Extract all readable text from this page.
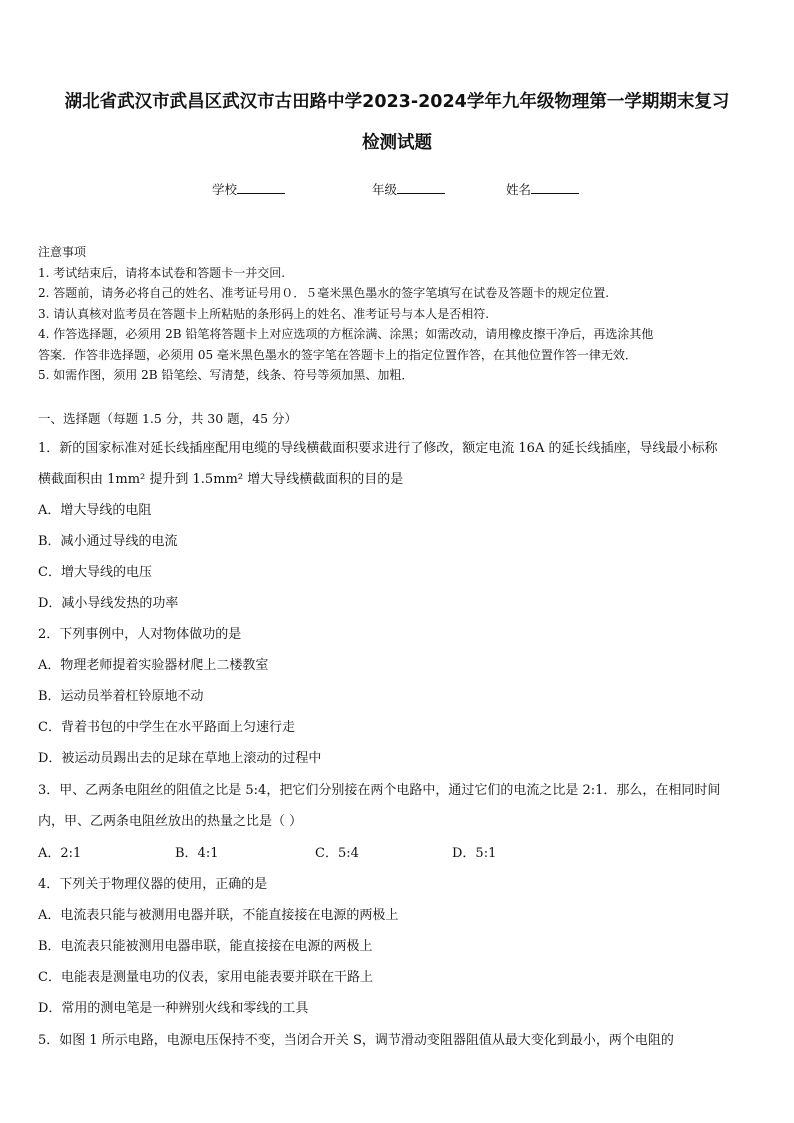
湖北省武汉市武昌区武汉市古田路中学2023-2024学年九年级物理第一学期期末复习
检测试题
学校	年级	姓名
注意事项
1. 考试结束后，请将本试卷和答题卡一并交回.
2. 答题前，请务必将自己的姓名、准考证号用０．５毫米黑色墨水的签字笔填写在试卷及答题卡的规定位置.
3. 请认真核对监考员在答题卡上所粘贴的条形码上的姓名、准考证号与本人是否相符.
4. 作答选择题，必须用 2B 铅笔将答题卡上对应选项的方框涂满、涂黑；如需改动，请用橡皮擦干净后，再选涂其他
答案．作答非选择题，必须用 05 毫米黑色墨水的签字笔在答题卡上的指定位置作答，在其他位置作答一律无效．
5. 如需作图，须用 2B 铅笔绘、写清楚，线条、符号等须加黑、加粗．
一、选择题（每题 1.5 分，共 30 题，45 分）
1．新的国家标准对延长线插座配用电缆的导线横截面积要求进行了修改，额定电流 16A 的延长线插座，导线最小标称
横截面积由 1mm² 提升到 1.5mm² 增大导线横截面积的目的是
A．增大导线的电阻
B．减小通过导线的电流
C．增大导线的电压
D．减小导线发热的功率
2．下列事例中，人对物体做功的是
A．物理老师提着实验器材爬上二楼教室
B．运动员举着杠铃原地不动
C．背着书包的中学生在水平路面上匀速行走
D．被运动员踢出去的足球在草地上滚动的过程中
3．甲、乙两条电阻丝的阻值之比是 5:4，把它们分别接在两个电路中，通过它们的电流之比是 2:1．那么，在相同时间
内，甲、乙两条电阻丝放出的热量之比是（ ）
A．2:1	B．4:1	C．5:4	D．5:1
4．下列关于物理仪器的使用，正确的是
A．电流表只能与被测用电器并联，不能直接接在电源的两极上
B．电流表只能被测用电器串联，能直接接在电源的两极上
C．电能表是测量电功的仪表，家用电能表要并联在干路上
D．常用的测电笔是一种辨别火线和零线的工具
5．如图 1 所示电路，电源电压保持不变，当闭合开关 S，调节滑动变阻器阻值从最大变化到最小，两个电阻的
